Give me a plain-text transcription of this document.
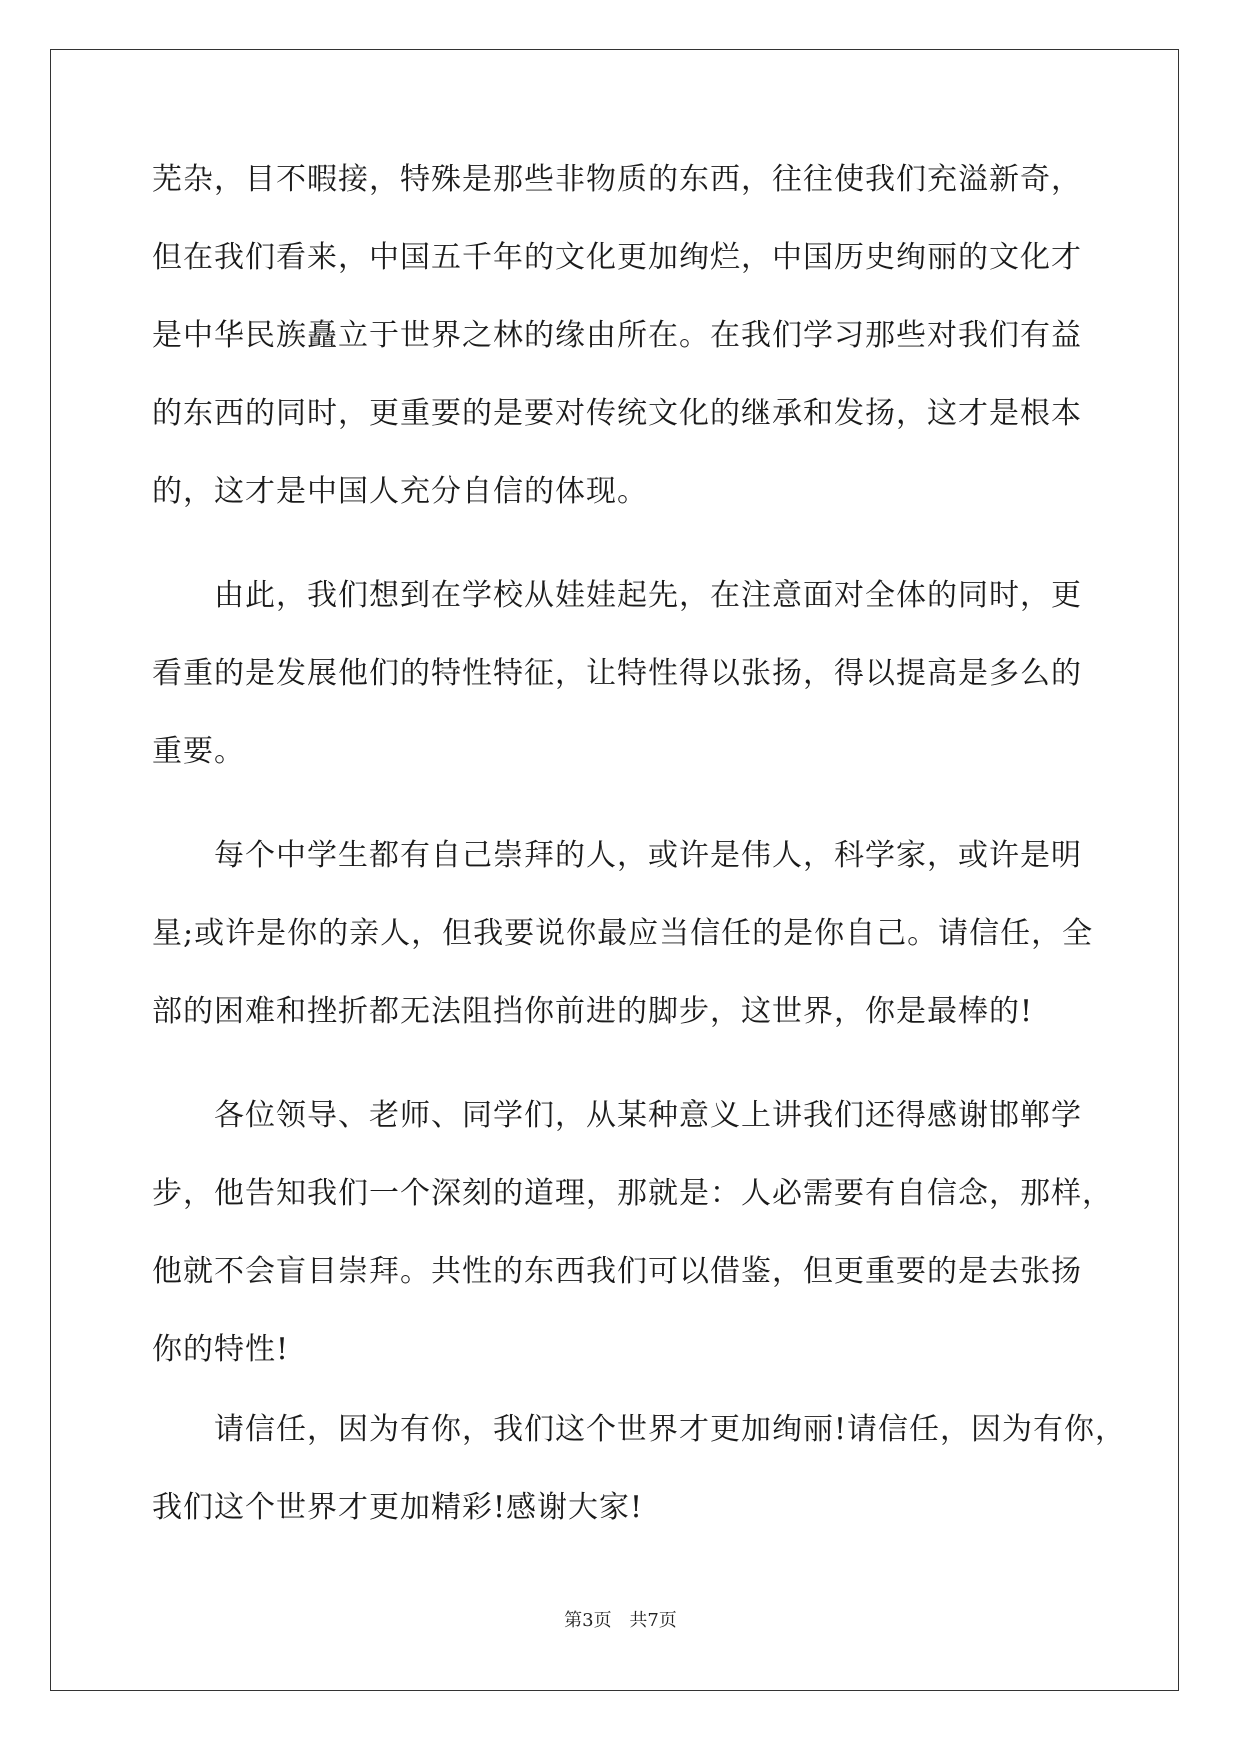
芜杂，目不暇接，特殊是那些非物质的东西，往往使我们充溢新奇，
但在我们看来，中国五千年的文化更加绚烂，中国历史绚丽的文化才
是中华民族矗立于世界之林的缘由所在。在我们学习那些对我们有益
的东西的同时，更重要的是要对传统文化的继承和发扬，这才是根本
的，这才是中国人充分自信的体现。
由此，我们想到在学校从娃娃起先，在注意面对全体的同时，更
看重的是发展他们的特性特征，让特性得以张扬，得以提高是多么的
重要。
每个中学生都有自己崇拜的人，或许是伟人，科学家，或许是明
星;或许是你的亲人，但我要说你最应当信任的是你自己。请信任，全
部的困难和挫折都无法阻挡你前进的脚步，这世界，你是最棒的!
各位领导、老师、同学们，从某种意义上讲我们还得感谢邯郸学
步，他告知我们一个深刻的道理，那就是：人必需要有自信念，那样，
他就不会盲目崇拜。共性的东西我们可以借鉴，但更重要的是去张扬
你的特性!
请信任，因为有你，我们这个世界才更加绚丽!请信任，因为有你，
我们这个世界才更加精彩!感谢大家!
第3页 共7页
